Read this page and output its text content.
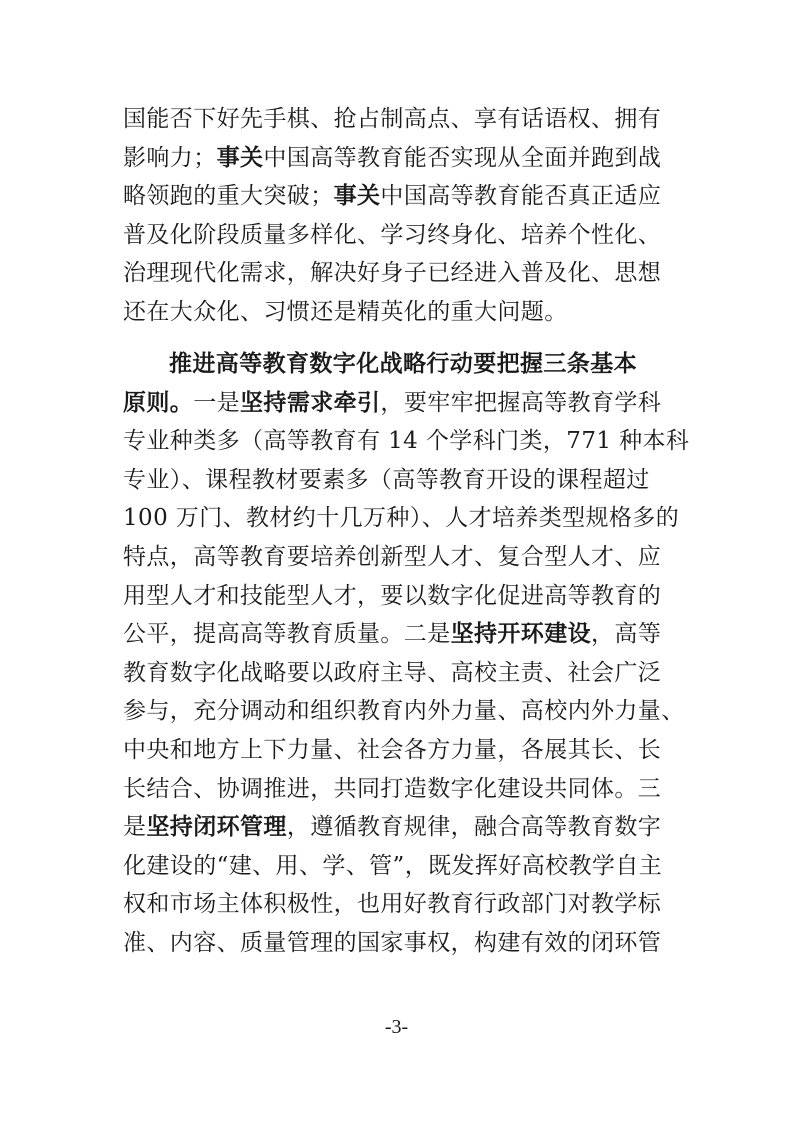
国能否下好先手棋、抢占制高点、享有话语权、拥有
影响力；事关中国高等教育能否实现从全面并跑到战
略领跑的重大突破；事关中国高等教育能否真正适应
普及化阶段质量多样化、学习终身化、培养个性化、
治理现代化需求，解决好身子已经进入普及化、思想
还在大众化、习惯还是精英化的重大问题。
推进高等教育数字化战略行动要把握三条基本
原则。一是坚持需求牵引，要牢牢把握高等教育学科
专业种类多（高等教育有 14 个学科门类，771 种本科
专业）、课程教材要素多（高等教育开设的课程超过
100 万门、教材约十几万种）、人才培养类型规格多的
特点，高等教育要培养创新型人才、复合型人才、应
用型人才和技能型人才，要以数字化促进高等教育的
公平，提高高等教育质量。二是坚持开环建设，高等
教育数字化战略要以政府主导、高校主责、社会广泛
参与，充分调动和组织教育内外力量、高校内外力量、
中央和地方上下力量、社会各方力量，各展其长、长
长结合、协调推进，共同打造数字化建设共同体。三
是坚持闭环管理，遵循教育规律，融合高等教育数字
化建设的“建、用、学、管”，既发挥好高校教学自主
权和市场主体积极性，也用好教育行政部门对教学标
准、内容、质量管理的国家事权，构建有效的闭环管
-3-
